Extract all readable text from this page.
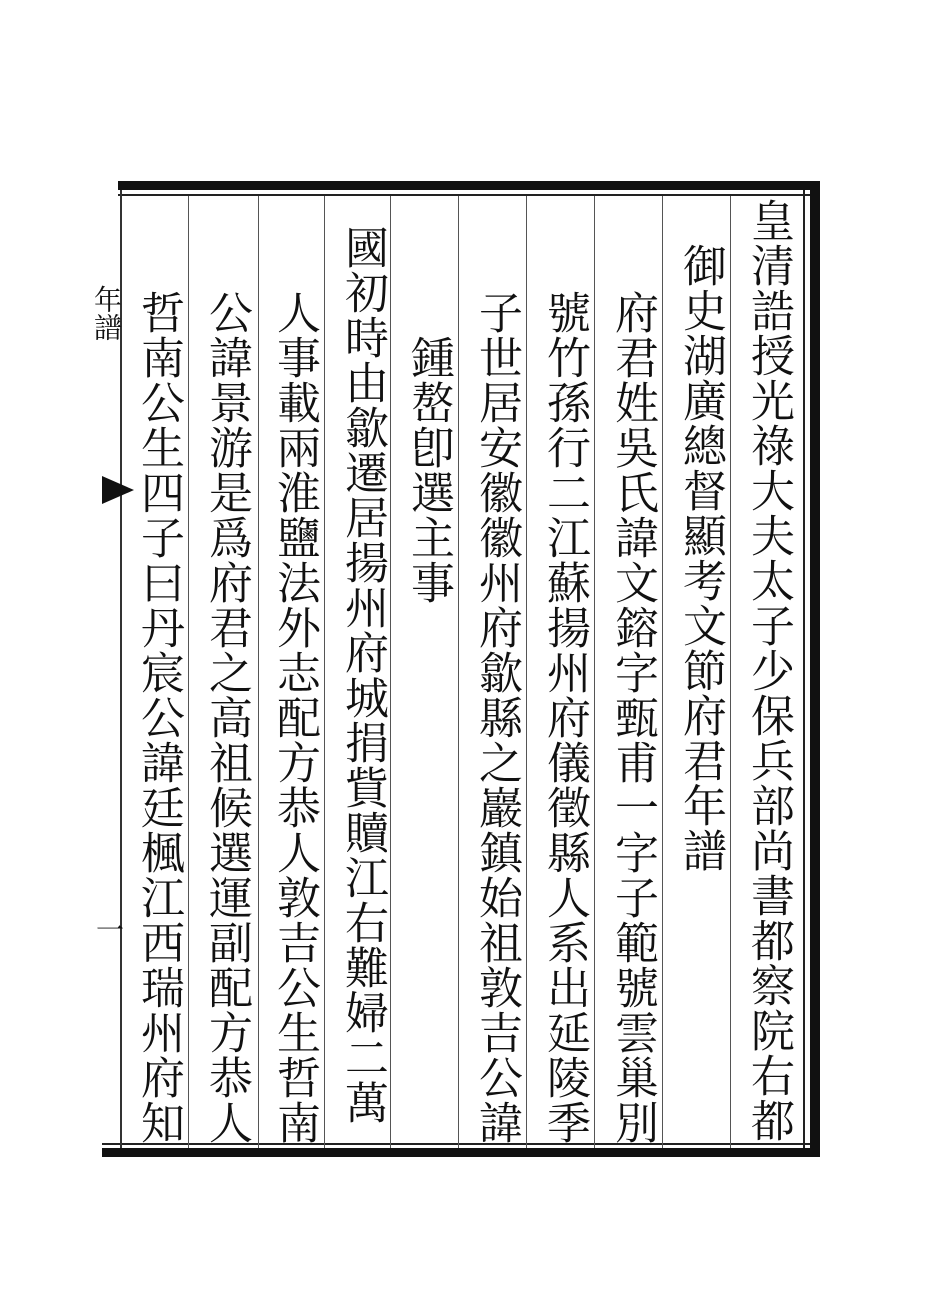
皇清誥授光祿大夫太子少保兵部尚書都察院右都
　御史湖廣總督顯考文節府君年譜
府君姓吳氏諱文鎔字甄甫一字子範號雲巢別
號竹孫行二江蘇揚州府儀徵縣人系出延陵季
子世居安徽徽州府歙縣之巖鎮始祖敦吉公諱
　鍾嶅卽選主事
國初時由歙遷居揚州府城捐貲贖江右難婦二萬
人事載兩淮鹽法外志配方恭人敦吉公生哲南
公諱景游是爲府君之高祖候選運副配方恭人
哲南公生四子曰丹宸公諱廷楓江西瑞州府知
年譜
一
